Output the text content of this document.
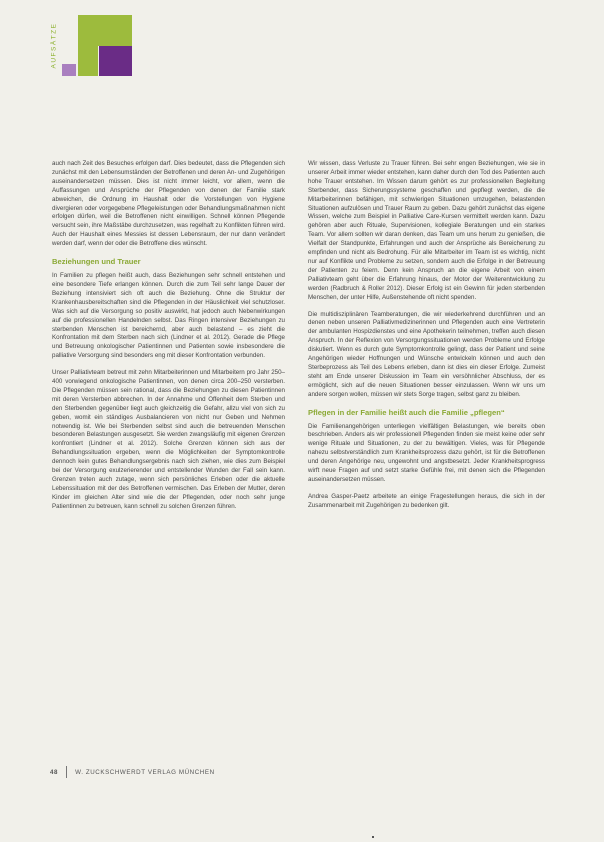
AUFSÄTZE

auch nach Zeit des Besuches erfolgen darf. Dies bedeutet, dass die Pflegenden sich zunächst mit den Lebensumständen der Betroffenen und deren An- und Zugehörigen auseinandersetzen müssen. Dies ist nicht immer leicht, vor allem, wenn die Auffassungen und Ansprüche der Pflegenden von denen der Familie stark abweichen, die Ordnung im Haushalt oder die Vorstellungen von Hygiene divergieren oder vorgegebene Pflegeleistungen oder Behandlungsmaßnahmen nicht erfolgen dürfen, weil die Betroffenen nicht einwilligen. Schnell können Pflegende versucht sein, ihre Maßstäbe durchzusetzen, was regelhaft zu Konflikten führen wird. Auch der Haushalt eines Messies ist dessen Lebensraum, der nur dann verändert werden darf, wenn der oder die Betroffene dies wünscht.

Beziehungen und Trauer

In Familien zu pflegen heißt auch, dass Beziehungen sehr schnell entstehen und eine besondere Tiefe erlangen können. Durch die zum Teil sehr lange Dauer der Beziehung intensiviert sich oft auch die Beziehung. Ohne die Struktur der Krankenhausbereitschaften sind die Pflegenden in der Häuslichkeit viel schutzloser. Was sich auf die Versorgung so positiv auswirkt, hat jedoch auch Nebenwirkungen auf die professionellen Handelnden selbst. Das Ringen intensiver Beziehungen zu sterbenden Menschen ist bereichernd, aber auch belastend – es zieht die Konfrontation mit dem Sterben nach sich (Lindner et al. 2012). Gerade die Pflege und Betreuung onkologischer Patientinnen und Patienten sowie insbesondere die palliative Versorgung sind besonders eng mit dieser Konfrontation verbunden.

Unser Palliativteam betreut mit zehn Mitarbeiterinnen und Mitarbeitern pro Jahr 250–400 vorwiegend onkologische Patientinnen, von denen circa 200–250 versterben. Die Pflegenden müssen sein rational, dass die Beziehungen zu diesen Patientinnen mit deren Versterben abbrechen. In der Annahme und Offenheit dem Sterben und den Sterbenden gegenüber liegt auch gleichzeitig die Gefahr, allzu viel von sich zu geben, womit ein ständiges Ausbalancieren von nicht nur Geben und Nehmen notwendig ist. Wie bei Sterbenden selbst sind auch die betreuenden Menschen besonderen Belastungen ausgesetzt. Sie werden zwangsläufig mit eigenen Grenzen konfrontiert (Lindner et al. 2012). Solche Grenzen können sich aus der Behandlungssituation ergeben, wenn die Möglichkeiten der Symptomkontrolle dennoch kein gutes Behandlungsergebnis nach sich ziehen, wie dies zum Beispiel bei der Versorgung exulzerierender und entstellender Wunden der Fall sein kann. Grenzen treten auch zutage, wenn sich persönliches Erleben oder die aktuelle Lebenssituation mit der des Betroffenen vermischen. Das Erleben der Mutter, deren Kinder im gleichen Alter sind wie die der Pflegenden, oder noch sehr junge Patientinnen zu betreuen, kann schnell zu solchen Grenzen führen.

Wir wissen, dass Verluste zu Trauer führen. Bei sehr engen Beziehungen, wie sie in unserer Arbeit immer wieder entstehen, kann daher durch den Tod des Patienten auch hohe Trauer entstehen. Im Wissen darum gehört es zur professionellen Begleitung Sterbender, dass Sicherungssysteme geschaffen und gepflegt werden, die die Mitarbeiterinnen befähigen, mit schwierigen Situationen umzugehen, belastenden Situationen aufzulösen und Trauer Raum zu geben. Dazu gehört zunächst das eigene Wissen, welche zum Beispiel in Palliative Care-Kursen vermittelt werden kann. Dazu gehören aber auch Rituale, Supervisionen, kollegiale Beratungen und ein starkes Team. Vor allem sollten wir daran denken, das Team um uns herum zu genießen, die Vielfalt der Standpunkte, Erfahrungen und auch der Ansprüche als Bereicherung zu empfinden und nicht als Bedrohung. Für alle Mitarbeiter im Team ist es wichtig, nicht nur auf Konflikte und Probleme zu setzen, sondern auch die Erfolge in der Betreuung der Patienten zu feiern. Denn kein Anspruch an die eigene Arbeit von einem Palliativteam geht über die Erfahrung hinaus, der Motor der Weiterentwicklung zu werden (Radbruch & Roller 2012). Dieser Erfolg ist ein Gewinn für jeden sterbenden Menschen, der unter Hilfe, Außenstehende oft nicht spenden.

Die multidisziplinären Teamberatungen, die wir wiederkehrend durchführen und an denen neben unseren Palliativmedizinerinnen und Pflegenden auch eine Vertreterin der ambulanten Hospizdienstes und eine Apothekerin teilnehmen, treffen auch diesen Anspruch. In der Reflexion von Versorgungssituationen werden Probleme und Erfolge diskutiert. Wenn es durch gute Symptomkontrolle gelingt, dass der Patient und seine Angehörigen wieder Hoffnungen und Wünsche entwickeln können und auch den Sterbeprozess als Teil des Lebens erleben, dann ist dies ein dieser Erfolge. Zumeist steht am Ende unserer Diskussion im Team ein versöhnlicher Abschluss, der es ermöglicht, sich auf die neuen Situationen besser einzulassen. Wenn wir uns um andere sorgen wollen, müssen wir stets Sorge tragen, selbst ganz zu bleiben.

Pflegen in der Familie heißt auch die Familie „pflegen“

Die Familienangehörigen unterliegen vielfältigen Belastungen, wie bereits oben beschrieben. Anders als wir professionell Pflegenden finden sie meist keine oder sehr wenige Rituale und Situationen, zu der zu bewältigen. Vieles, was für Pflegende nahezu selbstverständlich zum Krankheitsprozess dazu gehört, ist für die Betroffenen und deren Angehörige neu, ungewohnt und angstbesetzt. Jeder Krankheitsprogress wirft neue Fragen auf und setzt starke Gefühle frei, mit denen sich die Pflegenden auseinandersetzen müssen.

Andrea Gasper-Paetz arbeitete an einige Fragestellungen heraus, die sich in der Zusammenarbeit mit Zugehörigen zu bedenken gilt.

48	W. ZUCKSCHWERDT VERLAG MÜNCHEN
